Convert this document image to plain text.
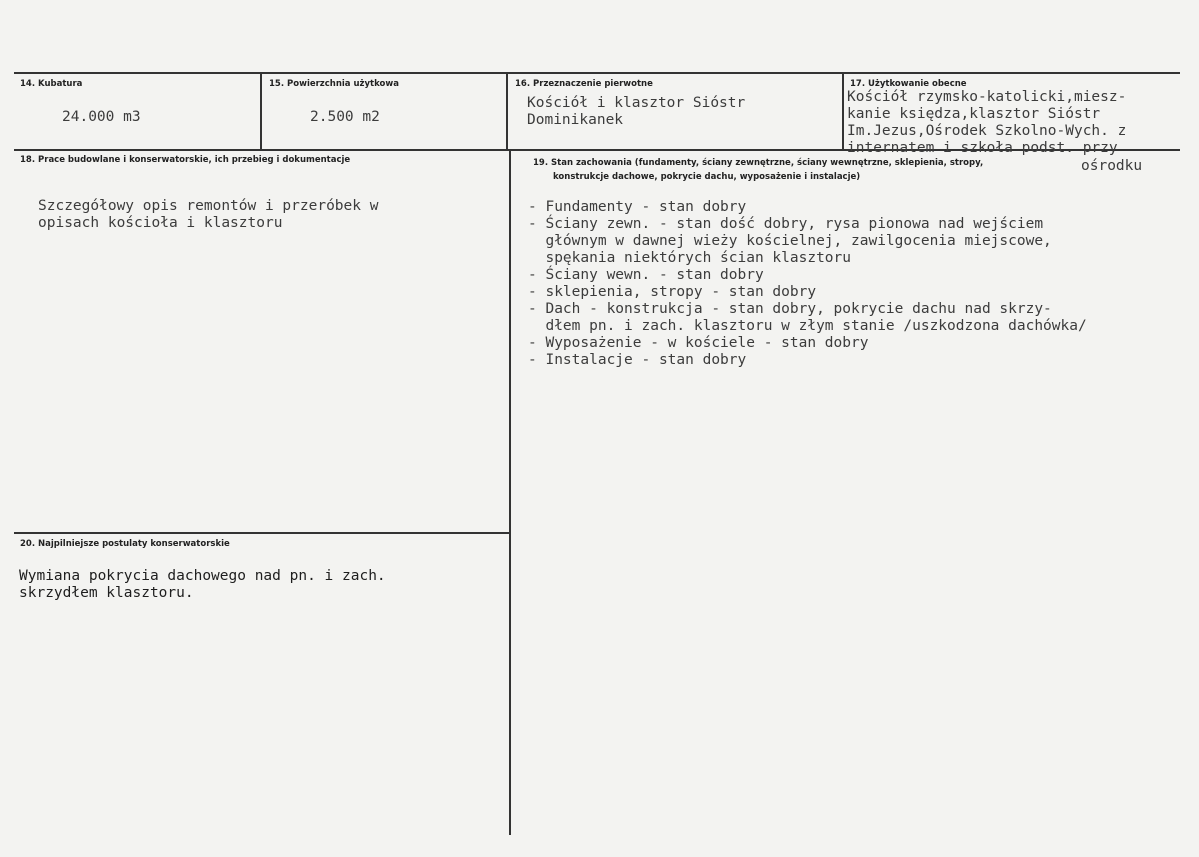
14. Kubatura
24.000 m3
15. Powierzchnia użytkowa
2.500 m2
16. Przeznaczenie pierwotne
Kościół i klasztor Sióstr
Dominikanek
17. Użytkowanie obecne
Kościół rzymsko-katolicki,miesz-
kanie księdza,klasztor Sióstr
Im.Jezus,Ośrodek Szkolno-Wych. z
internatem i szkoła podst. przy
ośrodku
18. Prace budowlane i konserwatorskie, ich przebieg i dokumentacje
Szczegółowy opis remontów i przeróbek w
opisach kościoła i klasztoru
19. Stan zachowania (fundamenty, ściany zewnętrzne, ściany wewnętrzne, sklepienia, stropy,
konstrukcje dachowe, pokrycie dachu, wyposażenie i instalacje)
- Fundamenty - stan dobry
- Ściany zewn. - stan dość dobry, rysa pionowa nad wejściem
głównym w dawnej wieży kościelnej, zawilgocenia miejscowe,
spękania niektórych ścian klasztoru
- Ściany wewn. - stan dobry
- sklepienia, stropy - stan dobry
- Dach - konstrukcja - stan dobry, pokrycie dachu nad skrzy-
dłem pn. i zach. klasztoru w złym stanie /uszkodzona dachówka/
- Wyposażenie - w kościele - stan dobry
- Instalacje - stan dobry
20. Najpilniejsze postulaty konserwatorskie
Wymiana pokrycia dachowego nad pn. i zach.
skrzydłem klasztoru.
